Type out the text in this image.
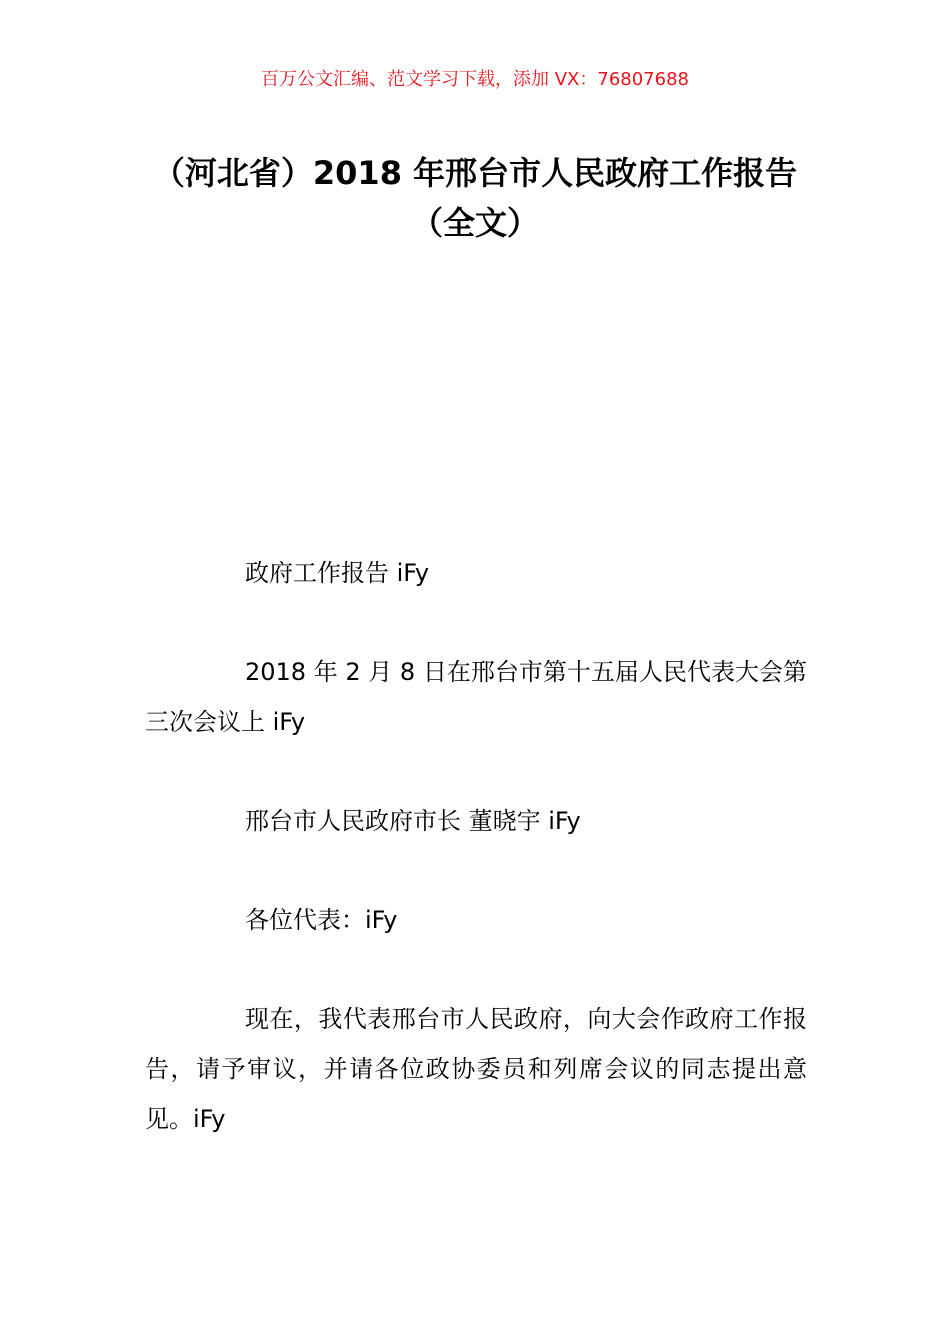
百万公文汇编、范文学习下载，添加 VX：76807688
（河北省）2018 年邢台市人民政府工作报告（全文）

政府工作报告 iFy

2018 年 2 月 8 日在邢台市第十五届人民代表大会第三次会议上 iFy

邢台市人民政府市长 董晓宇 iFy

各位代表：iFy

现在，我代表邢台市人民政府，向大会作政府工作报告，请予审议，并请各位政协委员和列席会议的同志提出意见。iFy
